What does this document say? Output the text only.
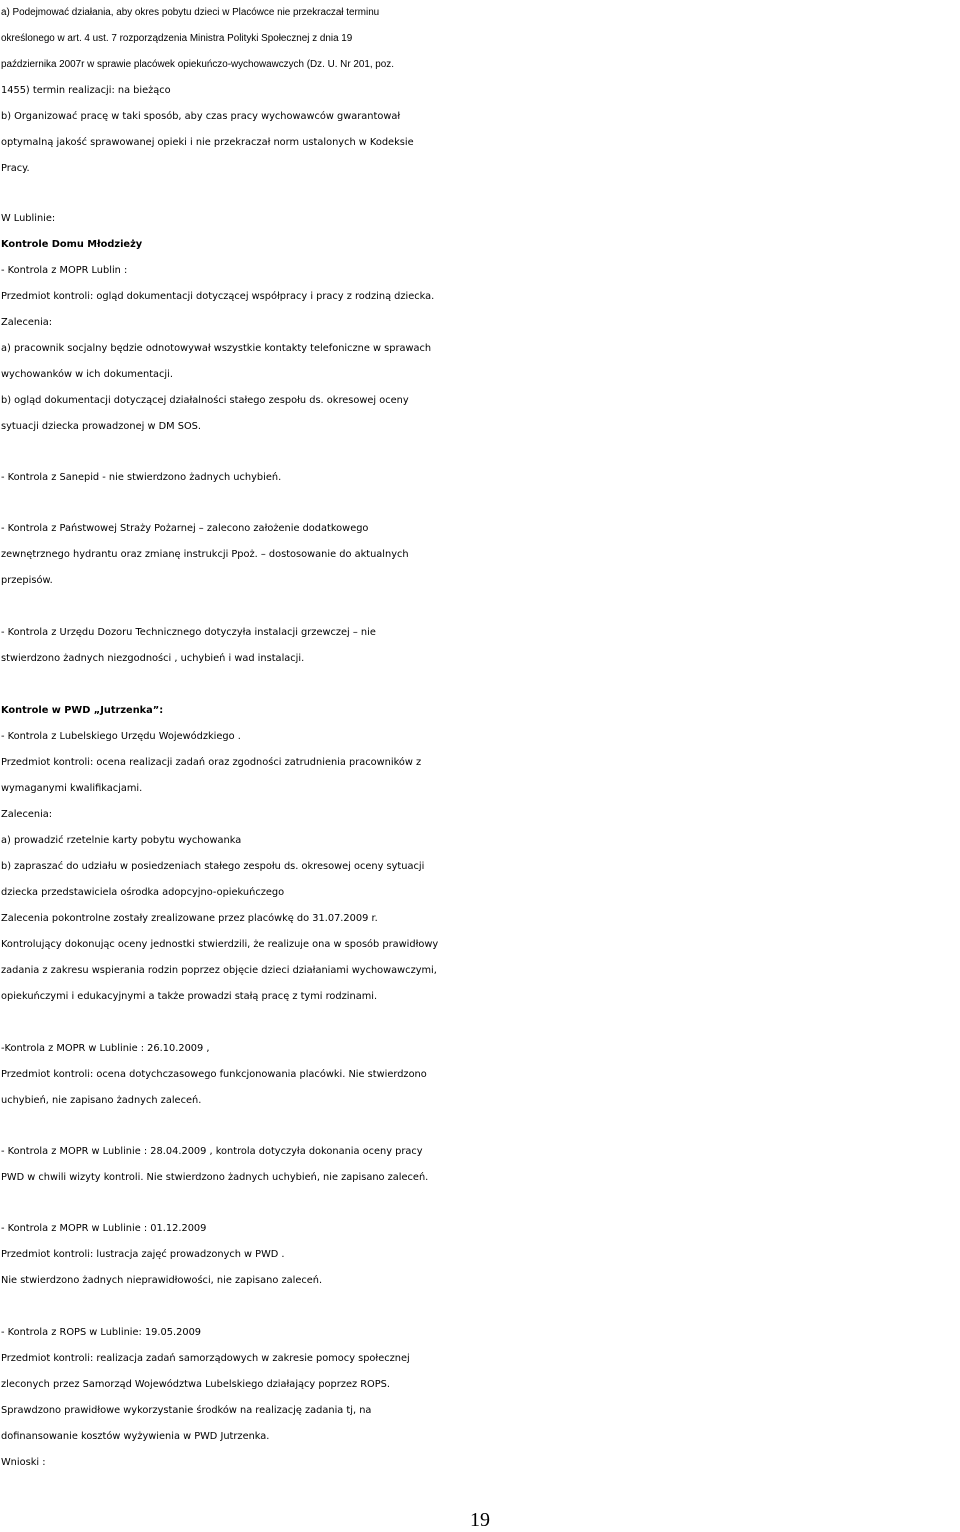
a) Podejmować działania, aby okres pobytu dzieci w Placówce nie przekraczał terminu

określonego w art. 4 ust. 7 rozporządzenia Ministra Polityki Społecznej z dnia 19

października 2007r w sprawie placówek opiekuńczo-wychowawczych (Dz. U. Nr 201, poz.

1455) termin realizacji: na bieżąco

b) Organizować pracę w taki sposób, aby czas pracy wychowawców gwarantował

optymalną jakość sprawowanej opieki i nie przekraczał norm ustalonych w Kodeksie

Pracy.

W Lublinie:

Kontrole Domu Młodzieży

- Kontrola z MOPR Lublin :

Przedmiot kontroli: ogląd dokumentacji dotyczącej współpracy i pracy z rodziną dziecka.

Zalecenia:

a) pracownik socjalny będzie odnotowywał wszystkie kontakty telefoniczne w sprawach

wychowanków w ich dokumentacji.

b) ogląd dokumentacji dotyczącej działalności stałego zespołu ds. okresowej oceny

sytuacji dziecka prowadzonej w DM SOS.

- Kontrola z Sanepid - nie stwierdzono żadnych uchybień.

- Kontrola z Państwowej Straży Pożarnej – zalecono założenie dodatkowego

zewnętrznego hydrantu oraz zmianę instrukcji Ppoż. – dostosowanie do aktualnych

przepisów.

- Kontrola z Urzędu Dozoru Technicznego dotyczyła instalacji grzewczej – nie

stwierdzono żadnych niezgodności , uchybień i wad instalacji.

Kontrole w PWD „Jutrzenka”:

- Kontrola z Lubelskiego Urzędu Wojewódzkiego .

Przedmiot kontroli: ocena realizacji zadań oraz zgodności zatrudnienia pracowników z

wymaganymi kwalifikacjami.

Zalecenia:

a) prowadzić rzetelnie karty pobytu wychowanka

b) zapraszać do udziału w posiedzeniach stałego zespołu ds. okresowej oceny sytuacji

dziecka przedstawiciela ośrodka adopcyjno-opiekuńczego

Zalecenia pokontrolne zostały zrealizowane przez placówkę do 31.07.2009 r.

Kontrolujący dokonując oceny jednostki stwierdzili, że realizuje ona w sposób prawidłowy

zadania z zakresu wspierania rodzin poprzez objęcie dzieci działaniami wychowawczymi,

opiekuńczymi i edukacyjnymi a także prowadzi stałą pracę z tymi rodzinami.

-Kontrola z MOPR w Lublinie : 26.10.2009 ,

Przedmiot kontroli: ocena dotychczasowego funkcjonowania placówki. Nie stwierdzono

uchybień, nie zapisano żadnych zaleceń.

- Kontrola z MOPR w Lublinie : 28.04.2009 , kontrola dotyczyła dokonania oceny pracy

PWD w chwili wizyty kontroli. Nie stwierdzono żadnych uchybień, nie zapisano zaleceń.

- Kontrola z MOPR w Lublinie : 01.12.2009

Przedmiot kontroli: lustracja zajęć prowadzonych w PWD .

Nie stwierdzono żadnych nieprawidłowości, nie zapisano zaleceń.

- Kontrola z ROPS w Lublinie: 19.05.2009

Przedmiot kontroli: realizacja zadań samorządowych w zakresie pomocy społecznej

zleconych przez Samorząd Województwa Lubelskiego działający poprzez ROPS.

Sprawdzono prawidłowe wykorzystanie środków na realizację zadania tj, na

dofinansowanie kosztów wyżywienia w PWD Jutrzenka.

Wnioski :

19
